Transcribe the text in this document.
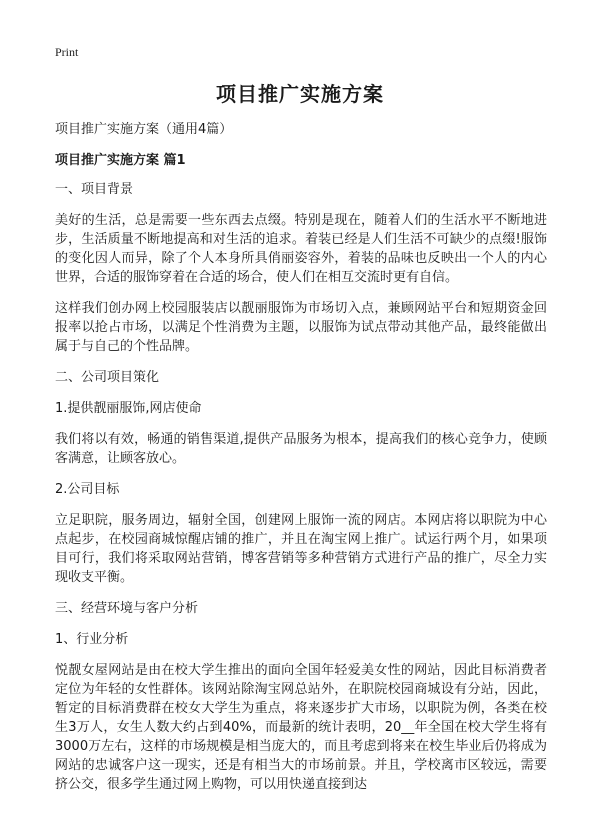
Print
项目推广实施方案

项目推广实施方案（通用4篇）

项目推广实施方案 篇1

一、项目背景

美好的生活，总是需要一些东西去点缀。特别是现在，随着人们的生活水平不断地进步，生活质量不断地提高和对生活的追求。着装已经是人们生活不可缺少的点缀!服饰的变化因人而异，除了个人本身所具俏丽姿容外，着装的品味也反映出一个人的内心世界，合适的服饰穿着在合适的场合，使人们在相互交流时更有自信。

这样我们创办网上校园服装店以靓丽服饰为市场切入点，兼顾网站平台和短期资金回报率以抢占市场，以满足个性消费为主题，以服饰为试点带动其他产品，最终能做出属于与自己的个性品牌。

二、公司项目策化

1.提供靓丽服饰,网店使命

我们将以有效，畅通的销售渠道,提供产品服务为根本，提高我们的核心竞争力，使顾客满意，让顾客放心。

2.公司目标

立足职院，服务周边，辐射全国，创建网上服饰一流的网店。本网店将以职院为中心点起步，在校园商城惊醒店铺的推广，并且在淘宝网上推广。试运行两个月，如果项目可行，我们将采取网站营销，博客营销等多种营销方式进行产品的推广，尽全力实现收支平衡。

三、经营环境与客户分析

1、行业分析

悦靓女屋网站是由在校大学生推出的面向全国年轻爱美女性的网站，因此目标消费者定位为年轻的女性群体。该网站除淘宝网总站外，在职院校园商城设有分站，因此，暂定的目标消费群在校女大学生为重点，将来逐步扩大市场，以职院为例，各类在校生3万人，女生人数大约占到40%，而最新的统计表明，20__年全国在校大学生将有3000万左右，这样的市场规模是相当庞大的，而且考虑到将来在校生毕业后仍将成为网站的忠诚客户这一现实，还是有相当大的市场前景。并且，学校离市区较远，需要挤公交，很多学生通过网上购物，可以用快递直接到达
